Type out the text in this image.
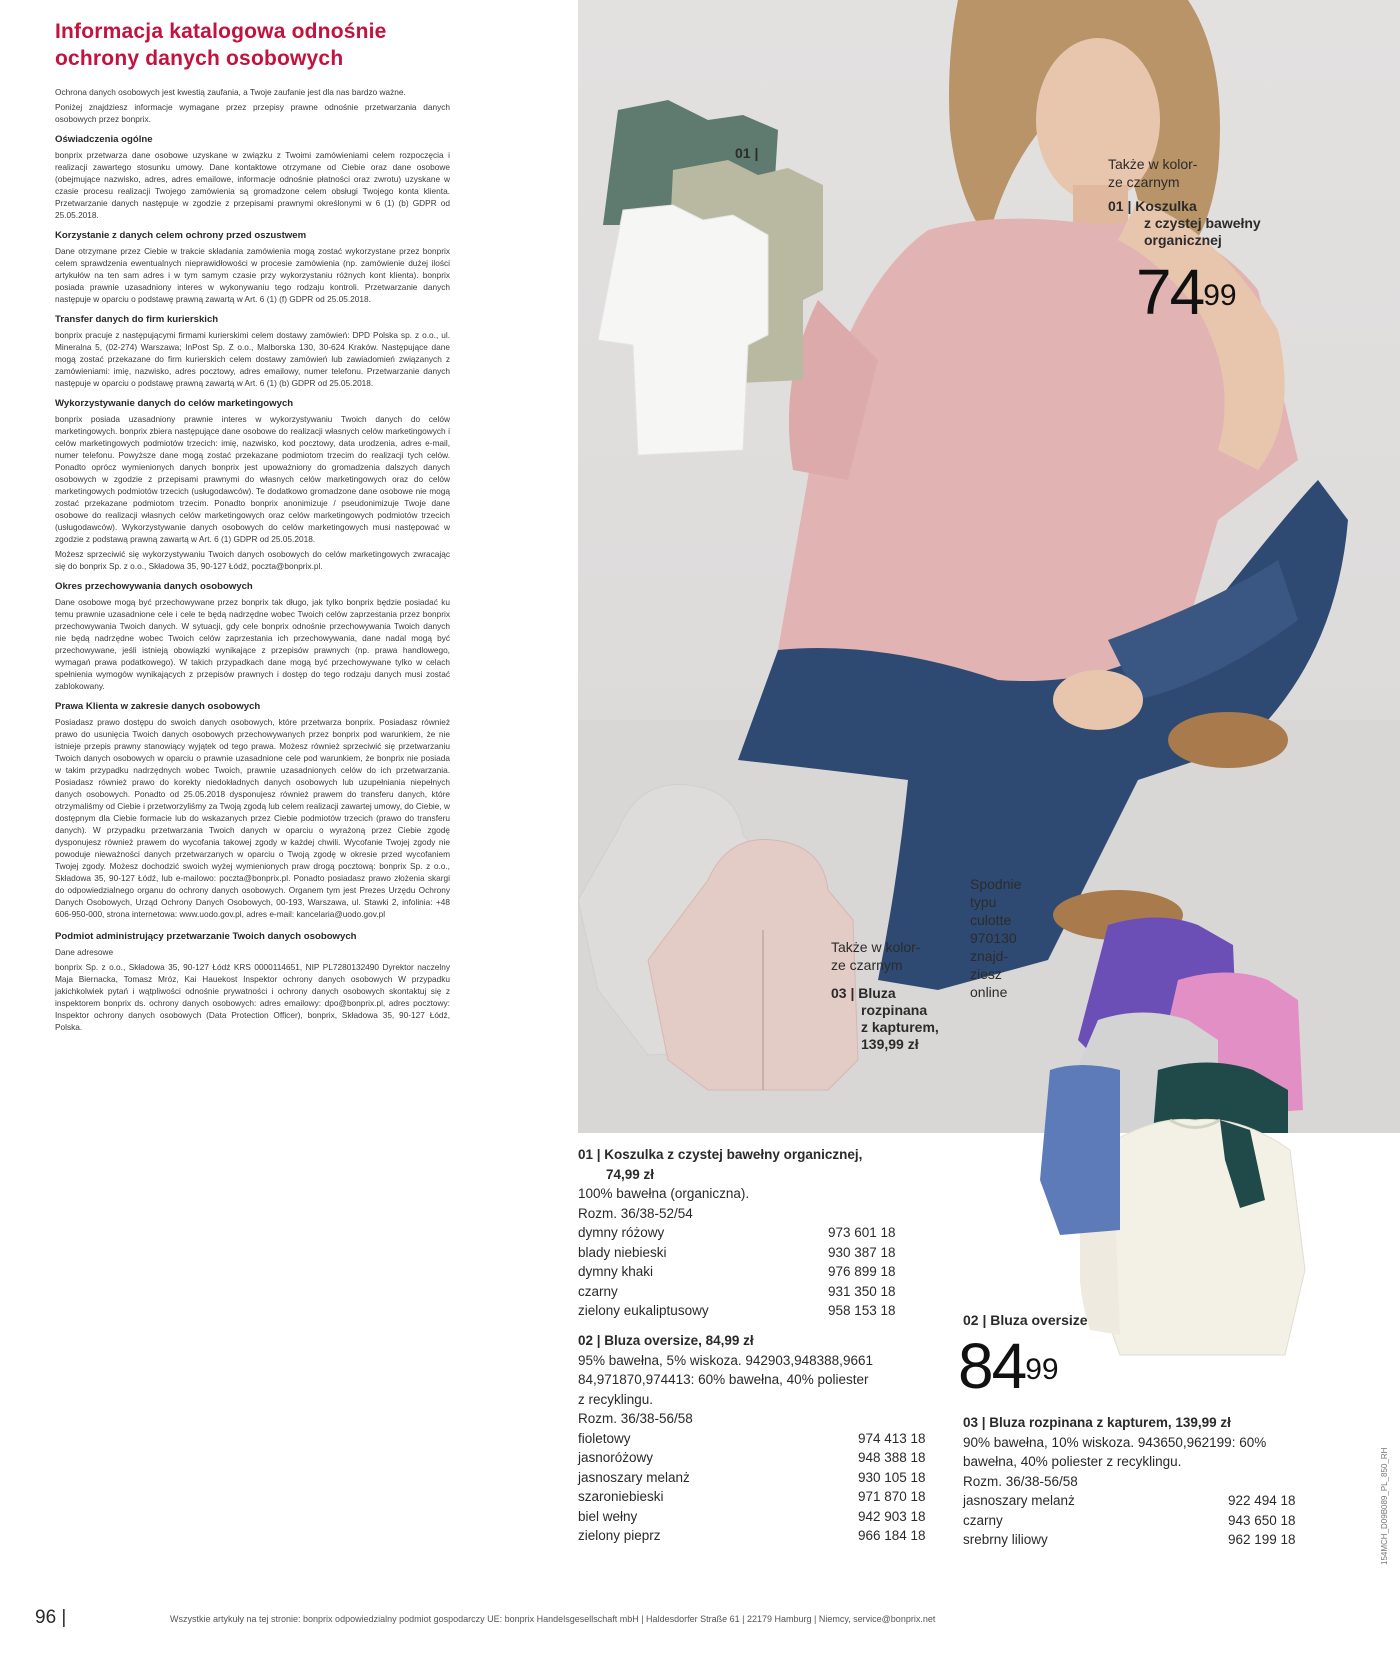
Informacja katalogowa odnośnie ochrony danych osobowych

Ochrona danych osobowych jest kwestią zaufania, a Twoje zaufanie jest dla nas bardzo ważne.

Poniżej znajdziesz informacje wymagane przez przepisy prawne odnośnie przetwarzania danych osobowych przez bonprix.

Oświadczenia ogólne

bonprix przetwarza dane osobowe uzyskane w związku z Twoimi zamówieniami celem rozpoczęcia i realizacji zawartego stosunku umowy. Dane kontaktowe otrzymane od Ciebie oraz dane osobowe (obejmujące nazwisko, adres, adres emailowe, informacje odnośnie płatności oraz zwrotu) uzyskane w czasie procesu realizacji Twojego zamówienia są gromadzone celem obsługi Twojego konta klienta. Przetwarzanie danych następuje w zgodzie z przepisami prawnymi określonymi w 6 (1) (b) GDPR od 25.05.2018.

Korzystanie z danych celem ochrony przed oszustwem

Dane otrzymane przez Ciebie w trakcie składania zamówienia mogą zostać wykorzystane przez bonprix celem sprawdzenia ewentualnych nieprawidłowości w procesie zamówienia (np. zamówienie dużej ilości artykułów na ten sam adres i w tym samym czasie przy wykorzystaniu różnych kont klienta). bonprix posiada prawnie uzasadniony interes w wykonywaniu tego rodzaju kontroli. Przetwarzanie danych następuje w oparciu o podstawę prawną zawartą w Art. 6 (1) (f) GDPR od 25.05.2018.

Transfer danych do firm kurierskich

bonprix pracuje z następującymi firmami kurierskimi celem dostawy zamówień: DPD Polska sp. z o.o., ul. Mineralna 5, (02-274) Warszawa; InPost Sp. Z o.o., Malborska 130, 30-624 Kraków. Następujące dane mogą zostać przekazane do firm kurierskich celem dostawy zamówień lub zawiadomień związanych z zamówieniami: imię, nazwisko, adres pocztowy, adres emailowy, numer telefonu. Przetwarzanie danych następuje w oparciu o podstawę prawną zawartą w Art. 6 (1) (b) GDPR od 25.05.2018.

Wykorzystywanie danych do celów marketingowych

bonprix posiada uzasadniony prawnie interes w wykorzystywaniu Twoich danych do celów marketingowych. bonprix zbiera następujące dane osobowe do realizacji własnych celów marketingowych i celów marketingowych podmiotów trzecich: imię, nazwisko, kod pocztowy, data urodzenia, adres e-mail, numer telefonu. Powyższe dane mogą zostać przekazane podmiotom trzecim do realizacji tych celów. Ponadto oprócz wymienionych danych bonprix jest upoważniony do gromadzenia dalszych danych osobowych w zgodzie z przepisami prawnymi do własnych celów marketingowych oraz do celów marketingowych podmiotów trzecich (usługodawców). Te dodatkowo gromadzone dane osobowe nie mogą zostać przekazane podmiotom trzecim. Ponadto bonprix anonimizuje / pseudonimizuje Twoje dane osobowe do realizacji własnych celów marketingowych oraz celów marketingowych podmiotów trzecich (usługodawców). Wykorzystywanie danych osobowych do celów marketingowych musi następować w zgodzie z podstawą prawną zawartą w Art. 6 (1) GDPR od 25.05.2018.

Możesz sprzeciwić się wykorzystywaniu Twoich danych osobowych do celów marketingowych zwracając się do bonprix Sp. z o.o., Składowa 35, 90-127 Łódź, poczta@bonprix.pl.

Okres przechowywania danych osobowych

Dane osobowe mogą być przechowywane przez bonprix tak długo, jak tylko bonprix będzie posiadać ku temu prawnie uzasadnione cele i cele te będą nadrzędne wobec Twoich celów zaprzestania przez bonprix przechowywania Twoich danych. W sytuacji, gdy cele bonprix odnośnie przechowywania Twoich danych nie będą nadrzędne wobec Twoich celów zaprzestania ich przechowywania, dane nadal mogą być przechowywane, jeśli istnieją obowiązki wynikające z przepisów prawnych (np. prawa handlowego, wymagań prawa podatkowego). W takich przypadkach dane mogą być przechowywane tylko w celach spełnienia wymogów wynikających z przepisów prawnych i dostęp do tego rodzaju danych musi zostać zablokowany.

Prawa Klienta w zakresie danych osobowych

Posiadasz prawo dostępu do swoich danych osobowych, które przetwarza bonprix. Posiadasz również prawo do usunięcia Twoich danych osobowych przechowywanych przez bonprix pod warunkiem, że nie istnieje przepis prawny stanowiący wyjątek od tego prawa. Możesz również sprzeciwić się przetwarzaniu Twoich danych osobowych w oparciu o prawnie uzasadnione cele pod warunkiem, że bonprix nie posiada w takim przypadku nadrzędnych wobec Twoich, prawnie uzasadnionych celów do ich przetwarzania. Posiadasz również prawo do korekty niedokładnych danych osobowych lub uzupełniania niepełnych danych osobowych. Ponadto od 25.05.2018 dysponujesz również prawem do transferu danych, które otrzymaliśmy od Ciebie i przetworzyliśmy za Twoją zgodą lub celem realizacji zawartej umowy, do Ciebie, w dostępnym dla Ciebie formacie lub do wskazanych przez Ciebie podmiotów trzecich (prawo do transferu danych). W przypadku przetwarzania Twoich danych w oparciu o wyrażoną przez Ciebie zgodę dysponujesz również prawem do wycofania takowej zgody w każdej chwili. Wycofanie Twojej zgody nie powoduje nieważności danych przetwarzanych w oparciu o Twoją zgodę w okresie przed wycofaniem Twojej zgody. Możesz dochodzić swoich wyżej wymienionych praw drogą pocztową: bonprix Sp. z o.o., Składowa 35, 90-127 Łódź, lub e-mailowo: poczta@bonprix.pl. Ponadto posiadasz prawo złożenia skargi do odpowiedzialnego organu do ochrony danych osobowych. Organem tym jest Prezes Urzędu Ochrony Danych Osobowych, Urząd Ochrony Danych Osobowych, 00-193, Warszawa, ul. Stawki 2, infolinia: +48 606-950-000, strona internetowa: www.uodo.gov.pl, adres e-mail: kancelaria@uodo.gov.pl

Podmiot administrujący przetwarzanie Twoich danych osobowych

Dane adresowe

bonprix Sp. z o.o., Składowa 35, 90-127 Łódź KRS 0000114651, NIP PL7280132490 Dyrektor naczelny Maja Biernacka, Tomasz Mróz, Kai Hauekost Inspektor ochrony danych osobowych W przypadku jakichkolwiek pytań i wątpliwości odnośnie prywatności i ochrony danych osobowych skontaktuj się z inspektorem bonprix ds. ochrony danych osobowych: adres emailowy: dpo@bonprix.pl, adres pocztowy: Inspektor ochrony danych osobowych (Data Protection Officer), bonprix, Składowa 35, 90-127 Łódź, Polska.

01 |
Także w kolor-
ze czarnym
01 | Koszulka
z czystej bawełny
organicznej
$74^{99}$
Spodnie
typu
culotte
970130
znajd-
ziesz
online
Także w kolor-
ze czarnym
03 | Bluza
rozpinana
z kapturem,
139,99 zł
01 | Koszulka z czystej bawełny organicznej,
74,99 zł
100% bawełna (organiczna).
Rozm. 36/38-52/54
dymny różowy	973 601 18
blady niebieski	930 387 18
dymny khaki	976 899 18
czarny	931 350 18
zielony eukaliptusowy	958 153 18
02 | Bluza oversize, 84,99 zł
95% bawełna, 5% wiskoza. 942903,948388,9661
84,971870,974413: 60% bawełna, 40% poliester
z recyklingu.
Rozm. 36/38-56/58
fioletowy	974 413 18
jasnoróżowy	948 388 18
jasnoszary melanż	930 105 18
szaroniebieski	971 870 18
biel wełny	942 903 18
zielony pieprz	966 184 18
02 | Bluza oversize
$84^{99}$
03 | Bluza rozpinana z kapturem, 139,99 zł
90% bawełna, 10% wiskoza. 943650,962199: 60%
bawełna, 40% poliester z recyklingu.
Rozm. 36/38-56/58
jasnoszary melanż	922 494 18
czarny	943 650 18
srebrny liliowy	962 199 18
96 |	Wszystkie artykuły na tej stronie: bonprix odpowiedzialny podmiot gospodarczy UE: bonprix Handelsgesellschaft mbH | Haldesdorfer Straße 61 | 22179 Hamburg | Niemcy, service@bonprix.net
154MCH_D09B089_PL_850_RH
